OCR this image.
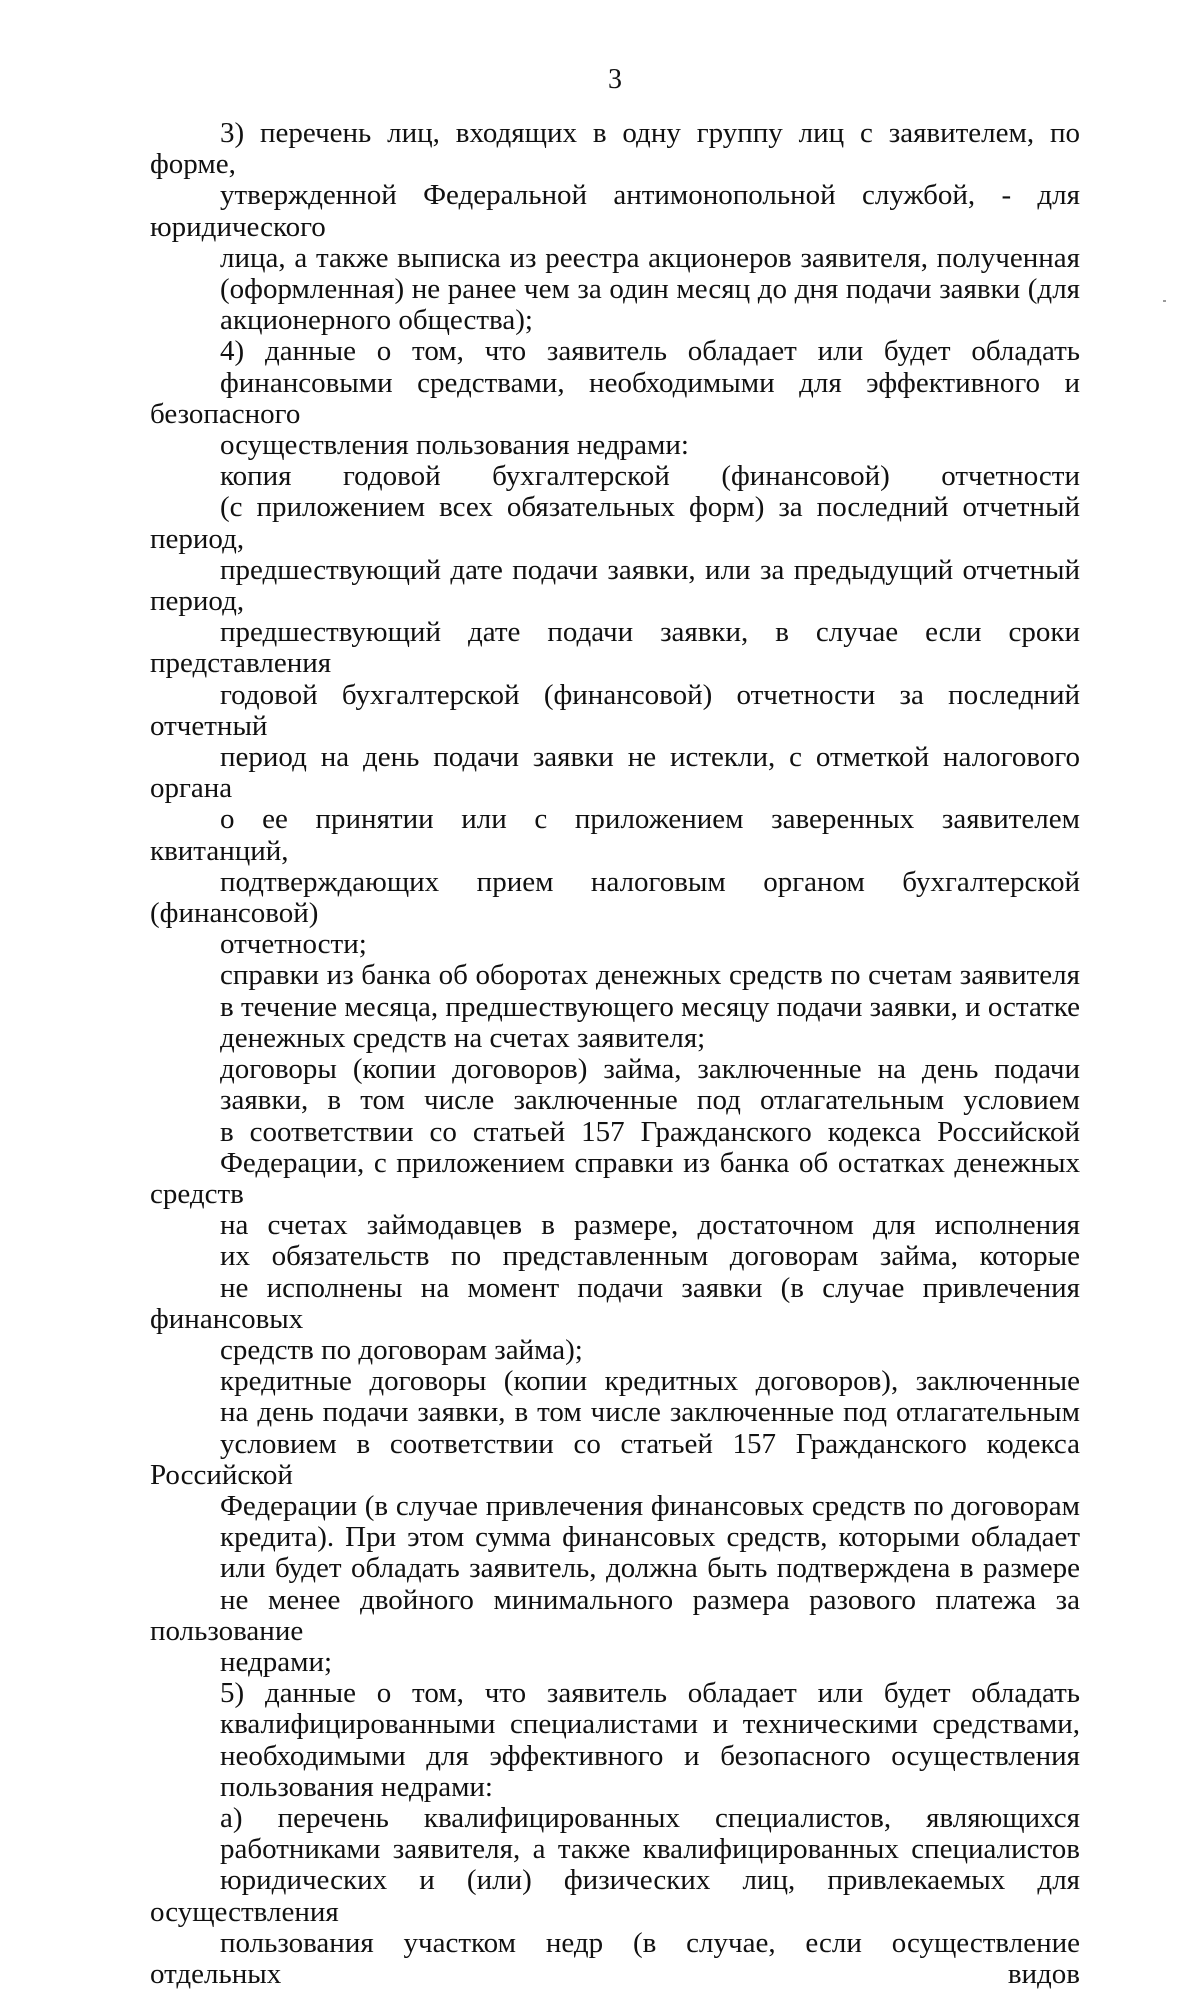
3

3) перечень лиц, входящих в одну группу лиц с заявителем, по форме,
утвержденной Федеральной антимонопольной службой, - для юридического
лица, а также выписка из реестра акционеров заявителя, полученная
(оформленная) не ранее чем за один месяц до дня подачи заявки (для
акционерного общества);

4) данные о том, что заявитель обладает или будет обладать
финансовыми средствами, необходимыми для эффективного и безопасного
осуществления пользования недрами:

копия годовой бухгалтерской (финансовой) отчетности
(с приложением всех обязательных форм) за последний отчетный период,
предшествующий дате подачи заявки, или за предыдущий отчетный период,
предшествующий дате подачи заявки, в случае если сроки представления
годовой бухгалтерской (финансовой) отчетности за последний отчетный
период на день подачи заявки не истекли, с отметкой налогового органа
о ее принятии или с приложением заверенных заявителем квитанций,
подтверждающих прием налоговым органом бухгалтерской (финансовой)
отчетности;

справки из банка об оборотах денежных средств по счетам заявителя
в течение месяца, предшествующего месяцу подачи заявки, и остатке
денежных средств на счетах заявителя;

договоры (копии договоров) займа, заключенные на день подачи
заявки, в том числе заключенные под отлагательным условием
в соответствии со статьей 157 Гражданского кодекса Российской
Федерации, с приложением справки из банка об остатках денежных средств
на счетах займодавцев в размере, достаточном для исполнения
их обязательств по представленным договорам займа, которые
не исполнены на момент подачи заявки (в случае привлечения финансовых
средств по договорам займа);

кредитные договоры (копии кредитных договоров), заключенные
на день подачи заявки, в том числе заключенные под отлагательным
условием в соответствии со статьей 157 Гражданского кодекса Российской
Федерации (в случае привлечения финансовых средств по договорам
кредита). При этом сумма финансовых средств, которыми обладает
или будет обладать заявитель, должна быть подтверждена в размере
не менее двойного минимального размера разового платежа за пользование
недрами;

5) данные о том, что заявитель обладает или будет обладать
квалифицированными специалистами и техническими средствами,
необходимыми для эффективного и безопасного осуществления
пользования недрами:

а) перечень квалифицированных специалистов, являющихся
работниками заявителя, а также квалифицированных специалистов
юридических и (или) физических лиц, привлекаемых для осуществления
пользования участком недр (в случае, если осуществление отдельных видов
